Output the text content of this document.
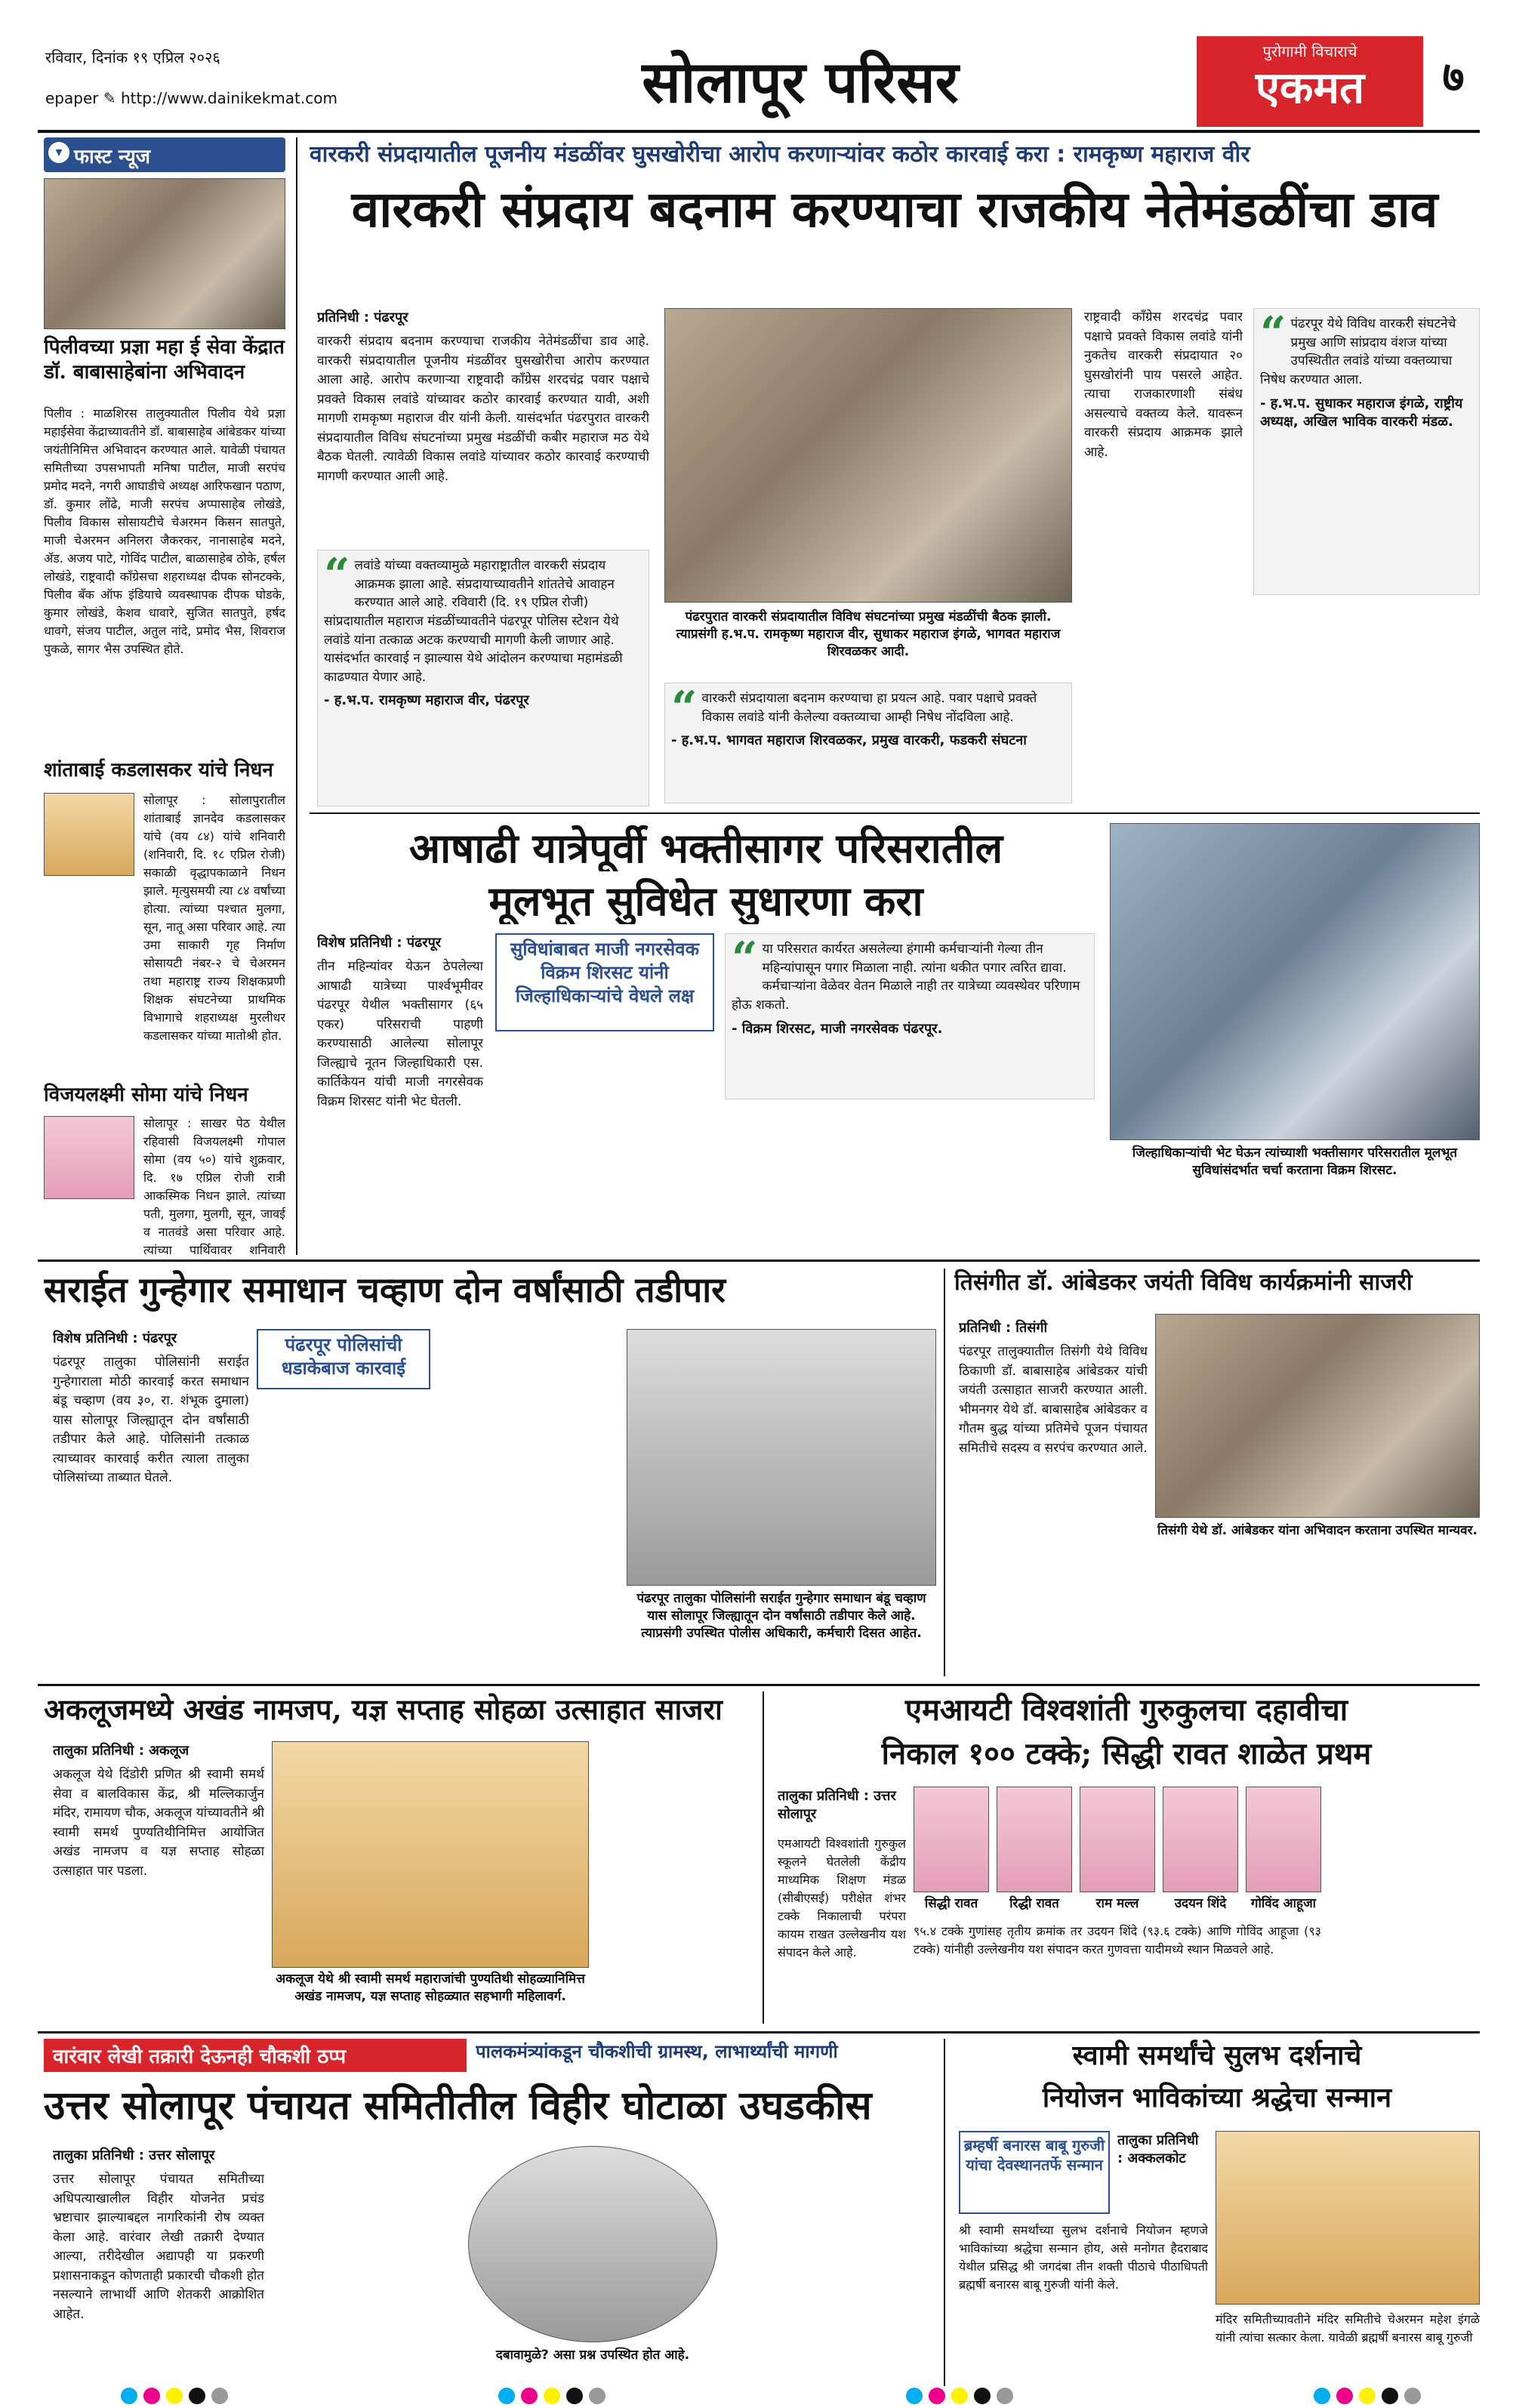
रविवार, दिनांक १९ एप्रिल २०२६
epaper ✎ http://www.dainikekmat.com	सोलापूर परिसर	पुरोगामी विचाराचे
एकमत	७
▾ फास्ट न्यूज
पिलीवच्या प्रज्ञा महा ई सेवा केंद्रात डॉ. बाबासाहेबांना अभिवादन
पिलीव : माळशिरस तालुक्यातील पिलीव येथे प्रज्ञा महाईसेवा केंद्राच्यावतीने डॉ. बाबासाहेब आंबेडकर यांच्या जयंतीनिमित्त अभिवादन करण्यात आले. यावेळी पंचायत समितीच्या उपसभापती मनिषा पाटील, माजी सरपंच प्रमोद मदने, नगरी आघाडीचे अध्यक्ष आरिफखान पठाण, डॉ. कुमार लोंढे, माजी सरपंच अप्पासाहेब लोखंडे, पिलीव विकास सोसायटीचे चेअरमन किसन सातपुते, माजी चेअरमन अनिलरा जैकरकर, नानासाहेब मदने, ॲड. अजय पाटे, गोविंद पाटील, बाळासाहेब ठोके, हर्षल लोखंडे, राष्ट्रवादी काँग्रेसचा शहराध्यक्ष दीपक सोनटक्के, पिलीव बँक ऑफ इंडियाचे व्यवस्थापक दीपक घोडके, कुमार लोखंडे, केशव धावारे, सुजित सातपुते, हर्षद धावगे, संजय पाटील, अतुल नांदे, प्रमोद भैस, शिवराज पुकळे, सागर भैस उपस्थित होते.
शांताबाई कडलासकर यांचे निधन
सोलापूर : सोलापुरातील शांताबाई ज्ञानदेव कडलासकर यांचे (वय ८४) यांचे शनिवारी (शनिवारी, दि. १८ एप्रिल रोजी) सकाळी वृद्धापकाळाने निधन झाले. मृत्युसमयी त्या ८४ वर्षांच्या होत्या. त्यांच्या पश्चात मुलगा, सून, नातू असा परिवार आहे. त्या उमा साकारी गृह निर्माण सोसायटी नंबर-२ चे चेअरमन तथा महाराष्ट्र राज्य शिक्षकप्रणी शिक्षक संघटनेच्या प्राथमिक विभागाचे शहराध्यक्ष मुरलीधर कडलासकर यांच्या मातोश्री होत.
विजयलक्ष्मी सोमा यांचे निधन
सोलापूर : साखर पेठ येथील रहिवासी विजयलक्ष्मी गोपाल सोमा (वय ५०) यांचे शुक्रवार, दि. १७ एप्रिल रोजी रात्री आकस्मिक निधन झाले. त्यांच्या पती, मुलगा, मुलगी, सून, जावई व नातवंडे असा परिवार आहे. त्यांच्या पार्थिवावर शनिवारी
वारकरी संप्रदायातील पूजनीय मंडळींवर घुसखोरीचा आरोप करणाऱ्यांवर कठोर कारवाई करा : रामकृष्ण महाराज वीर
वारकरी संप्रदाय बदनाम करण्याचा राजकीय नेतेमंडळींचा डाव
प्रतिनिधी : पंढरपूर
वारकरी संप्रदाय बदनाम करण्याचा राजकीय नेतेमंडळींचा डाव आहे. वारकरी संप्रदायातील पूजनीय मंडळींवर घुसखोरीचा आरोप करण्यात आला आहे. आरोप करणाऱ्या राष्ट्रवादी काँग्रेस शरदचंद्र पवार पक्षाचे प्रवक्ते विकास लवांडे यांच्यावर कठोर कारवाई करण्यात यावी, अशी मागणी रामकृष्ण महाराज वीर यांनी केली. यासंदर्भात पंढरपुरात वारकरी संप्रदायातील विविध संघटनांच्या प्रमुख मंडळींची कबीर महाराज मठ येथे बैठक घेतली. त्यावेळी विकास लवांडे यांच्यावर कठोर कारवाई करण्याची मागणी करण्यात आली आहे.
“ लवांडे यांच्या वक्तव्यामुळे महाराष्ट्रातील वारकरी संप्रदाय आक्रमक झाला आहे. संप्रदायाच्यावतीने शांततेचे आवाहन करण्यात आले आहे. रविवारी (दि. १९ एप्रिल रोजी) सांप्रदायातील महाराज मंडळींच्यावतीने पंढरपूर पोलिस स्टेशन येथे लवांडे यांना तत्काळ अटक करण्याची मागणी केली जाणार आहे. यासंदर्भात कारवाई न झाल्यास येथे आंदोलन करण्याचा महामंडळी काढण्यात येणार आहे.
- ह.भ.प. रामकृष्ण महाराज वीर, पंढरपूर
पंढरपुरात वारकरी संप्रदायातील विविध संघटनांच्या प्रमुख मंडळींची बैठक झाली. त्याप्रसंगी ह.भ.प. रामकृष्ण महाराज वीर, सुधाकर महाराज इंगळे, भागवत महाराज शिरवळकर आदी.
“ वारकरी संप्रदायाला बदनाम करण्याचा हा प्रयत्न आहे. पवार पक्षाचे प्रवक्ते विकास लवांडे यांनी केलेल्या वक्तव्याचा आम्ही निषेध नोंदविला आहे.
- ह.भ.प. भागवत महाराज शिरवळकर, प्रमुख वारकरी, फडकरी संघटना
राष्ट्रवादी काँग्रेस शरदचंद्र पवार पक्षाचे प्रवक्ते विकास लवांडे यांनी नुकतेच वारकरी संप्रदायात २० घुसखोरांनी पाय पसरले आहेत. त्याचा राजकारणाशी संबंध असल्याचे वक्तव्य केले. यावरून वारकरी संप्रदाय आक्रमक झाले आहे.
“ पंढरपूर येथे विविध वारकरी संघटनेचे प्रमुख आणि सांप्रदाय वंशज यांच्या उपस्थितीत लवांडे यांच्या वक्तव्याचा निषेध करण्यात आला.
- ह.भ.प. सुधाकर महाराज इंगळे, राष्ट्रीय अध्यक्ष, अखिल भाविक वारकरी मंडळ.
आषाढी यात्रेपूर्वी भक्तीसागर परिसरातील
मूलभूत सुविधेत सुधारणा करा
विशेष प्रतिनिधी : पंढरपूर
तीन महिन्यांवर येऊन ठेपलेल्या आषाढी यात्रेच्या पार्श्वभूमीवर पंढरपूर येथील भक्तीसागर (६५ एकर) परिसराची पाहणी करण्यासाठी आलेल्या सोलापूर जिल्ह्याचे नूतन जिल्हाधिकारी एस. कार्तिकेयन यांची माजी नगरसेवक विक्रम शिरसट यांनी भेट घेतली.
सुविधांबाबत माजी नगरसेवक विक्रम शिरसट यांनी जिल्हाधिकाऱ्यांचे वेधले लक्ष
“ या परिसरात कार्यरत असलेल्या हंगामी कर्मचाऱ्यांनी गेल्या तीन महिन्यांपासून पगार मिळाला नाही. त्यांना थकीत पगार त्वरित द्यावा. कर्मचाऱ्यांना वेळेवर वेतन मिळाले नाही तर यात्रेच्या व्यवस्थेवर परिणाम होऊ शकतो.
- विक्रम शिरसट, माजी नगरसेवक पंढरपूर.
जिल्हाधिकाऱ्यांची भेट घेऊन त्यांच्याशी भक्तीसागर परिसरातील मूलभूत सुविधांसंदर्भात चर्चा करताना विक्रम शिरसट.
सराईत गुन्हेगार समाधान चव्हाण दोन वर्षांसाठी तडीपार
विशेष प्रतिनिधी : पंढरपूर
पंढरपूर तालुका पोलिसांनी सराईत गुन्हेगाराला मोठी कारवाई करत समाधान बंडू चव्हाण (वय ३०, रा. शंभूक दुमाला) यास सोलापूर जिल्ह्यातून दोन वर्षांसाठी तडीपार केले आहे. पोलिसांनी तत्काळ त्याच्यावर कारवाई करीत त्याला तालुका पोलिसांच्या ताब्यात घेतले.
पंढरपूर पोलिसांची धडाकेबाज कारवाई
पंढरपूर तालुका पोलिसांनी सराईत गुन्हेगार समाधान बंडू चव्हाण यास सोलापूर जिल्ह्यातून दोन वर्षांसाठी तडीपार केले आहे. त्याप्रसंगी उपस्थित पोलीस अधिकारी, कर्मचारी दिसत आहेत.
तिसंगीत डॉ. आंबेडकर जयंती विविध कार्यक्रमांनी साजरी
प्रतिनिधी : तिसंगी
पंढरपूर तालुक्यातील तिसंगी येथे विविध ठिकाणी डॉ. बाबासाहेब आंबेडकर यांची जयंती उत्साहात साजरी करण्यात आली. भीमनगर येथे डॉ. बाबासाहेब आंबेडकर व गौतम बुद्ध यांच्या प्रतिमेचे पूजन पंचायत समितीचे सदस्य व सरपंच करण्यात आले.
तिसंगी येथे डॉ. आंबेडकर यांना अभिवादन करताना उपस्थित मान्यवर.
अकलूजमध्ये अखंड नामजप, यज्ञ सप्ताह सोहळा उत्साहात साजरा
तालुका प्रतिनिधी : अकलूज
अकलूज येथे दिंडोरी प्रणित श्री स्वामी समर्थ सेवा व बालविकास केंद्र, श्री मल्लिकार्जुन मंदिर, रामायण चौक, अकलूज यांच्यावतीने श्री स्वामी समर्थ पुण्यतिथीनिमित्त आयोजित अखंड नामजप व यज्ञ सप्ताह सोहळा उत्साहात पार पडला.
अकलूज येथे श्री स्वामी समर्थ महाराजांची पुण्यतिथी सोहळ्यानिमित्त अखंड नामजप, यज्ञ सप्ताह सोहळ्यात सहभागी महिलावर्ग.
एमआयटी विश्वशांती गुरुकुलचा दहावीचा
निकाल १०० टक्के; सिद्धी रावत शाळेत प्रथम
तालुका प्रतिनिधी : उत्तर सोलापूर
एमआयटी विश्वशांती गुरुकुल स्कूलने घेतलेली केंद्रीय माध्यमिक शिक्षण मंडळ (सीबीएसई) परीक्षेत शंभर टक्के निकालाची परंपरा कायम राखत उल्लेखनीय यश संपादन केले आहे.
सिद्धी रावत	रिद्धी रावत	राम मल्ल	उदयन शिंदे	गोविंद आहूजा
९५.४ टक्के गुणांसह तृतीय क्रमांक तर उदयन शिंदे (९३.६ टक्के) आणि गोविंद आहूजा (९३ टक्के) यांनीही उल्लेखनीय यश संपादन करत गुणवत्ता यादीमध्ये स्थान मिळवले आहे.
वारंवार लेखी तक्रारी देऊनही चौकशी ठप्प	पालकमंत्र्यांकडून चौकशीची ग्रामस्थ, लाभार्थ्यांची मागणी
उत्तर सोलापूर पंचायत समितीतील विहीर घोटाळा उघडकीस
तालुका प्रतिनिधी : उत्तर सोलापूर
उत्तर सोलापूर पंचायत समितीच्या अधिपत्याखालील विहीर योजनेत प्रचंड भ्रष्टाचार झाल्याबद्दल नागरिकांनी रोष व्यक्त केला आहे. वारंवार लेखी तक्रारी देण्यात आल्या, तरीदेखील अद्यापही या प्रकरणी प्रशासनाकडून कोणताही प्रकारची चौकशी होत नसल्याने लाभार्थी आणि शेतकरी आक्रोशित आहेत.
दबावामुळे? असा प्रश्न उपस्थित होत आहे.
स्वामी समर्थांचे सुलभ दर्शनाचे
नियोजन भाविकांच्या श्रद्धेचा सन्मान
ब्रम्हर्षी बनारस बाबू गुरुजी यांचा देवस्थानतर्फे सन्मान
तालुका प्रतिनिधी : अक्कलकोट
श्री स्वामी समर्थांच्या सुलभ दर्शनाचे नियोजन म्हणजे भाविकांच्या श्रद्धेचा सन्मान होय, असे मनोगत हैदराबाद येथील प्रसिद्ध श्री जगदंबा तीन शक्ती पीठाचे पीठाधिपती ब्रह्मर्षी बनारस बाबू गुरुजी यांनी केले.
मंदिर समितीच्यावतीने मंदिर समितीचे चेअरमन महेश इंगळे यांनी त्यांचा सत्कार केला. यावेळी ब्रह्मर्षी बनारस बाबू गुरुजी
